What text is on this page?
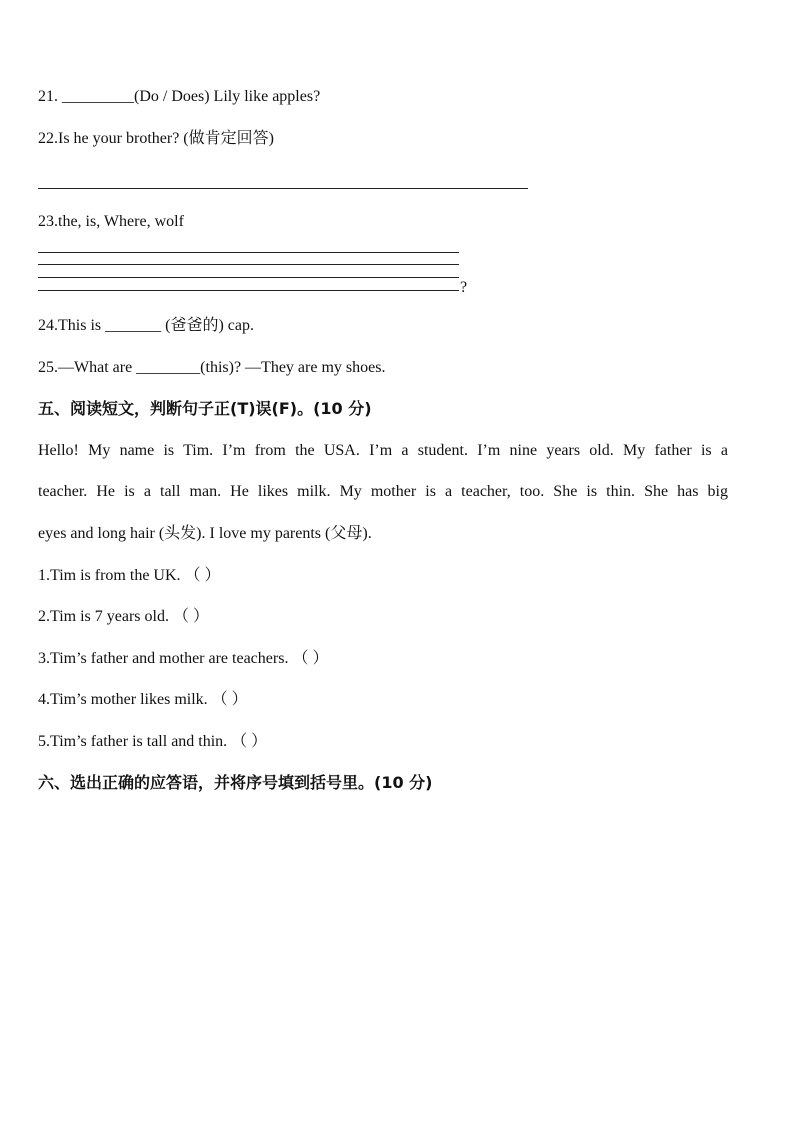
21. _________(Do / Does) Lily like apples?
22.Is he your brother? (做肯定回答)
23.the, is, Where, wolf
?
24.This is _______ (爸爸的) cap.
25.—What are ________(this)? —They are my shoes.
五、阅读短文，判断句子正(T)误(F)。(10 分)
Hello! My name is Tim. I’m from the USA. I’m a student. I’m nine years old. My father is a
teacher. He is a tall man. He likes milk. My mother is a teacher, too. She is thin. She has big
eyes and long hair (头发). I love my parents (父母).
1.Tim is from the UK. （ ）
2.Tim is 7 years old. （ ）
3.Tim’s father and mother are teachers. （ ）
4.Tim’s mother likes milk. （ ）
5.Tim’s father is tall and thin. （ ）
六、选出正确的应答语，并将序号填到括号里。(10 分)
